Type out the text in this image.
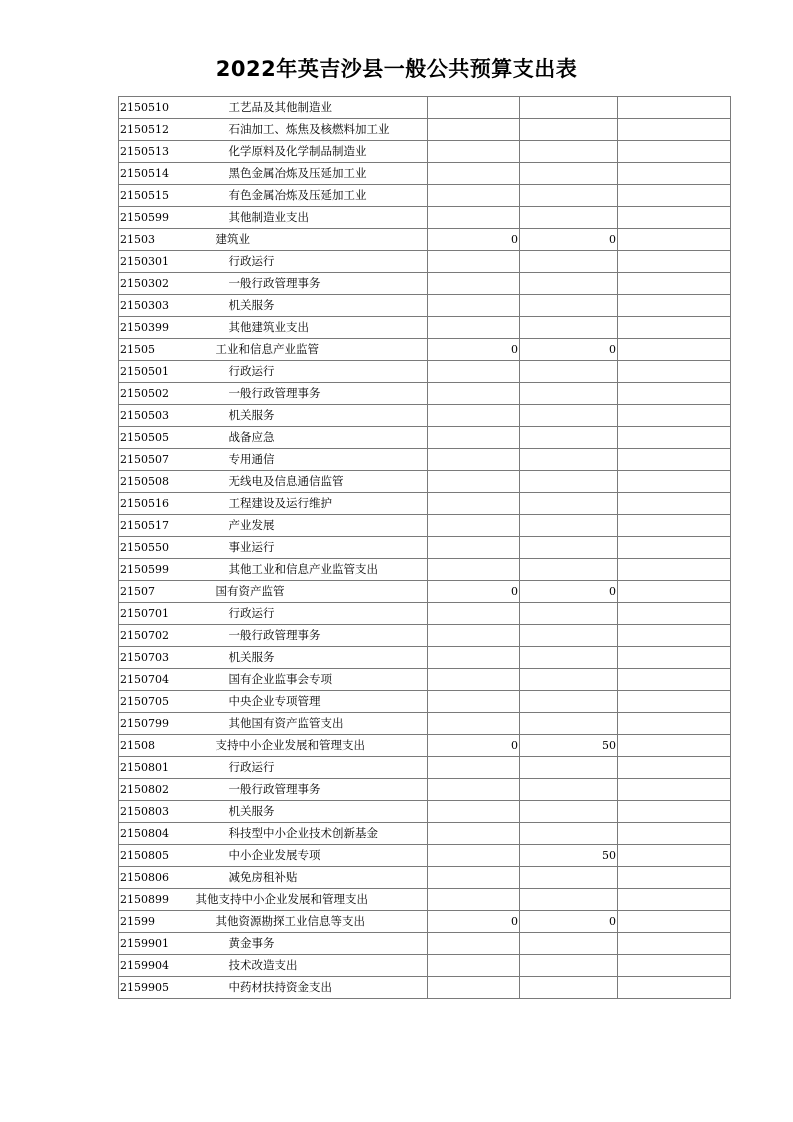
2022年英吉沙县一般公共预算支出表
2150510	工艺品及其他制造业			
2150512	石油加工、炼焦及核燃料加工业			
2150513	化学原料及化学制品制造业			
2150514	黑色金属冶炼及压延加工业			
2150515	有色金属冶炼及压延加工业			
2150599	其他制造业支出			
21503	建筑业	0	0	
2150301	行政运行			
2150302	一般行政管理事务			
2150303	机关服务			
2150399	其他建筑业支出			
21505	工业和信息产业监管	0	0	
2150501	行政运行			
2150502	一般行政管理事务			
2150503	机关服务			
2150505	战备应急			
2150507	专用通信			
2150508	无线电及信息通信监管			
2150516	工程建设及运行维护			
2150517	产业发展			
2150550	事业运行			
2150599	其他工业和信息产业监管支出			
21507	国有资产监管	0	0	
2150701	行政运行			
2150702	一般行政管理事务			
2150703	机关服务			
2150704	国有企业监事会专项			
2150705	中央企业专项管理			
2150799	其他国有资产监管支出			
21508	支持中小企业发展和管理支出	0	50	
2150801	行政运行			
2150802	一般行政管理事务			
2150803	机关服务			
2150804	科技型中小企业技术创新基金			
2150805	中小企业发展专项		50	
2150806	减免房租补贴			
2150899	其他支持中小企业发展和管理支出			
21599	其他资源勘探工业信息等支出	0	0	
2159901	黄金事务			
2159904	技术改造支出			
2159905	中药材扶持资金支出			
